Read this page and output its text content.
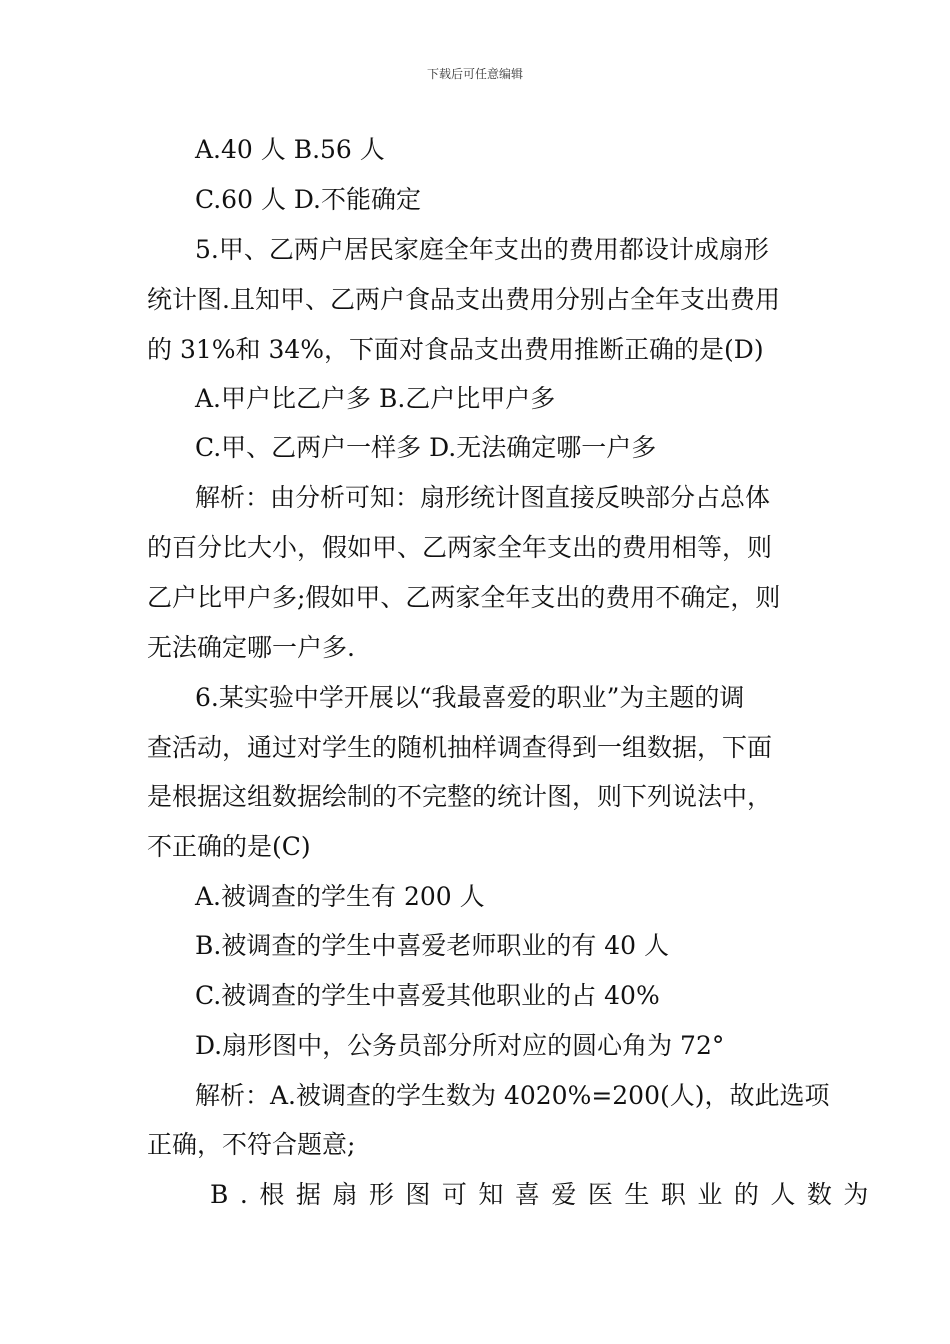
下载后可任意编辑
A.40 人 B.56 人
C.60 人 D.不能确定
5.甲、乙两户居民家庭全年支出的费用都设计成扇形
统计图.且知甲、乙两户食品支出费用分别占全年支出费用
的 31%和 34%，下面对食品支出费用推断正确的是(D)
A.甲户比乙户多 B.乙户比甲户多
C.甲、乙两户一样多 D.无法确定哪一户多
解析：由分析可知：扇形统计图直接反映部分占总体
的百分比大小，假如甲、乙两家全年支出的费用相等，则
乙户比甲户多;假如甲、乙两家全年支出的费用不确定，则
无法确定哪一户多.
6.某实验中学开展以“我最喜爱的职业”为主题的调
查活动，通过对学生的随机抽样调查得到一组数据，下面
是根据这组数据绘制的不完整的统计图，则下列说法中，
不正确的是(C)
A.被调查的学生有 200 人
B.被调查的学生中喜爱老师职业的有 40 人
C.被调查的学生中喜爱其他职业的占 40%
D.扇形图中，公务员部分所对应的圆心角为 72°
解析：A.被调查的学生数为 4020%=200(人)，故此选项
正确，不符合题意;
B.根据扇形图可知喜爱医生职业的人数为
